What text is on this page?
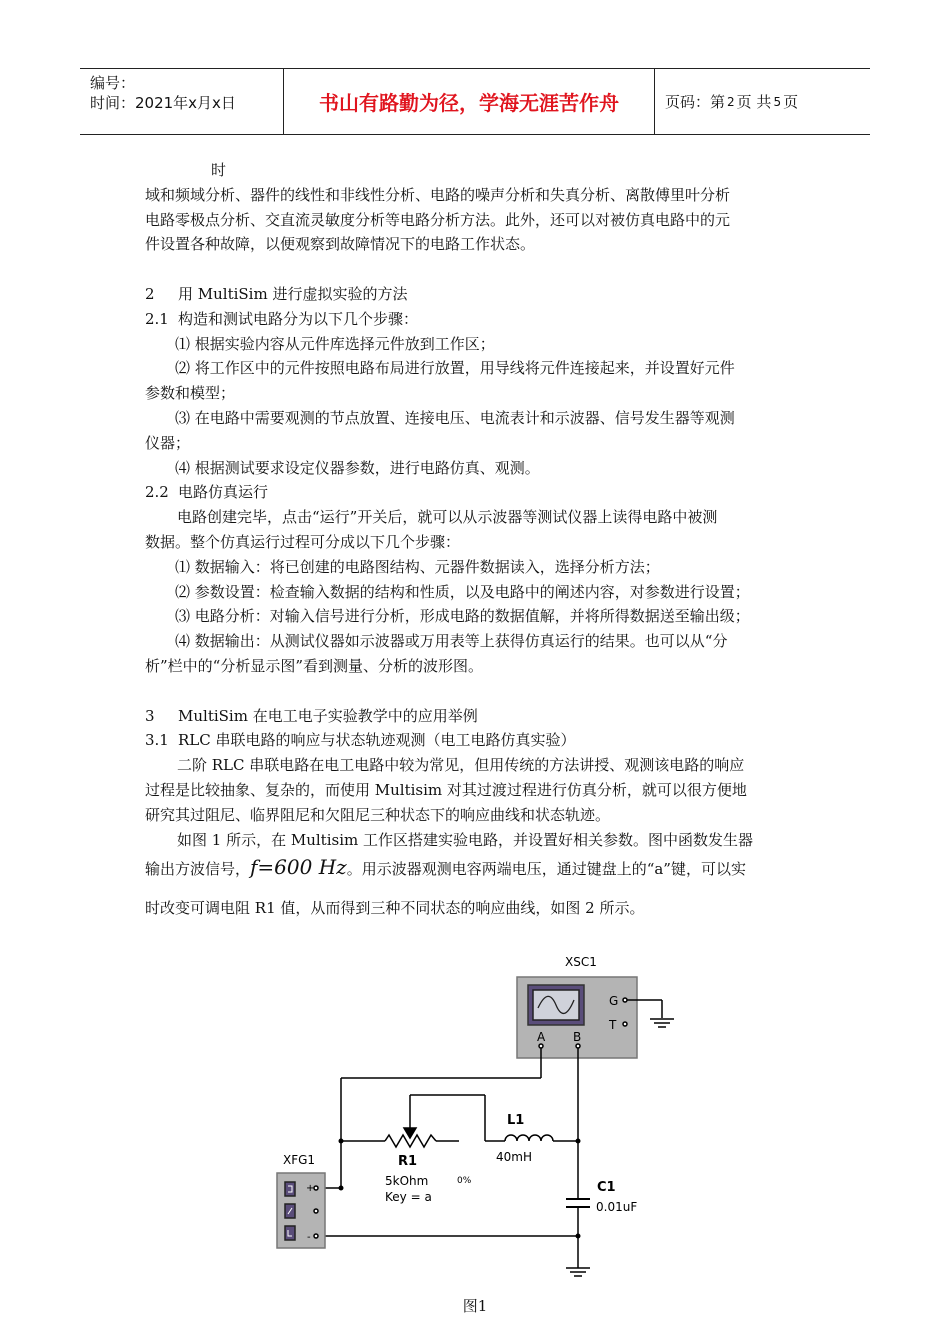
编号：
时间：2021年x月x日	书山有路勤为径，学海无涯苦作舟	页码：第 2 页 共 5 页

时

域和频域分析、器件的线性和非线性分析、电路的噪声分析和失真分析、离散傅里叶分析

电路零极点分析、交直流灵敏度分析等电路分析方法。此外，还可以对被仿真电路中的元

件设置各种故障，以便观察到故障情况下的电路工作状态。

2 用 MultiSim 进行虚拟实验的方法

2.1 构造和测试电路分为以下几个步骤：

⑴ 根据实验内容从元件库选择元件放到工作区；

⑵ 将工作区中的元件按照电路布局进行放置，用导线将元件连接起来，并设置好元件

参数和模型；

⑶ 在电路中需要观测的节点放置、连接电压、电流表计和示波器、信号发生器等观测

仪器；

⑷ 根据测试要求设定仪器参数，进行电路仿真、观测。

2.2 电路仿真运行

电路创建完毕，点击“运行”开关后，就可以从示波器等测试仪器上读得电路中被测

数据。整个仿真运行过程可分成以下几个步骤：

⑴ 数据输入：将已创建的电路图结构、元器件数据读入，选择分析方法；

⑵ 参数设置：检查输入数据的结构和性质，以及电路中的阐述内容，对参数进行设置；

⑶ 电路分析：对输入信号进行分析，形成电路的数据值解，并将所得数据送至输出级；

⑷ 数据输出：从测试仪器如示波器或万用表等上获得仿真运行的结果。也可以从“分

析”栏中的“分析显示图”看到测量、分析的波形图。

3 MultiSim 在电工电子实验教学中的应用举例

3.1 RLC 串联电路的响应与状态轨迹观测（电工电路仿真实验）

二阶 RLC 串联电路在电工电路中较为常见，但用传统的方法讲授、观测该电路的响应

过程是比较抽象、复杂的，而使用 Multisim 对其过渡过程进行仿真分析，就可以很方便地

研究其过阻尼、临界阻尼和欠阻尼三种状态下的响应曲线和状态轨迹。

如图 1 所示，在 Multisim 工作区搭建实验电路，并设置好相关参数。图中函数发生器

输出方波信号，f=600 Hz。用示波器观测电容两端电压，通过键盘上的“a”键，可以实

时改变可调电阻 R1 值，从而得到三种不同状态的响应曲线，如图 2 所示。

XSC1
G
T
A B
R1
5kOhm
Key = a
0%
L1
40mH
C1
0.01uF
XFG1
+
-
图1
